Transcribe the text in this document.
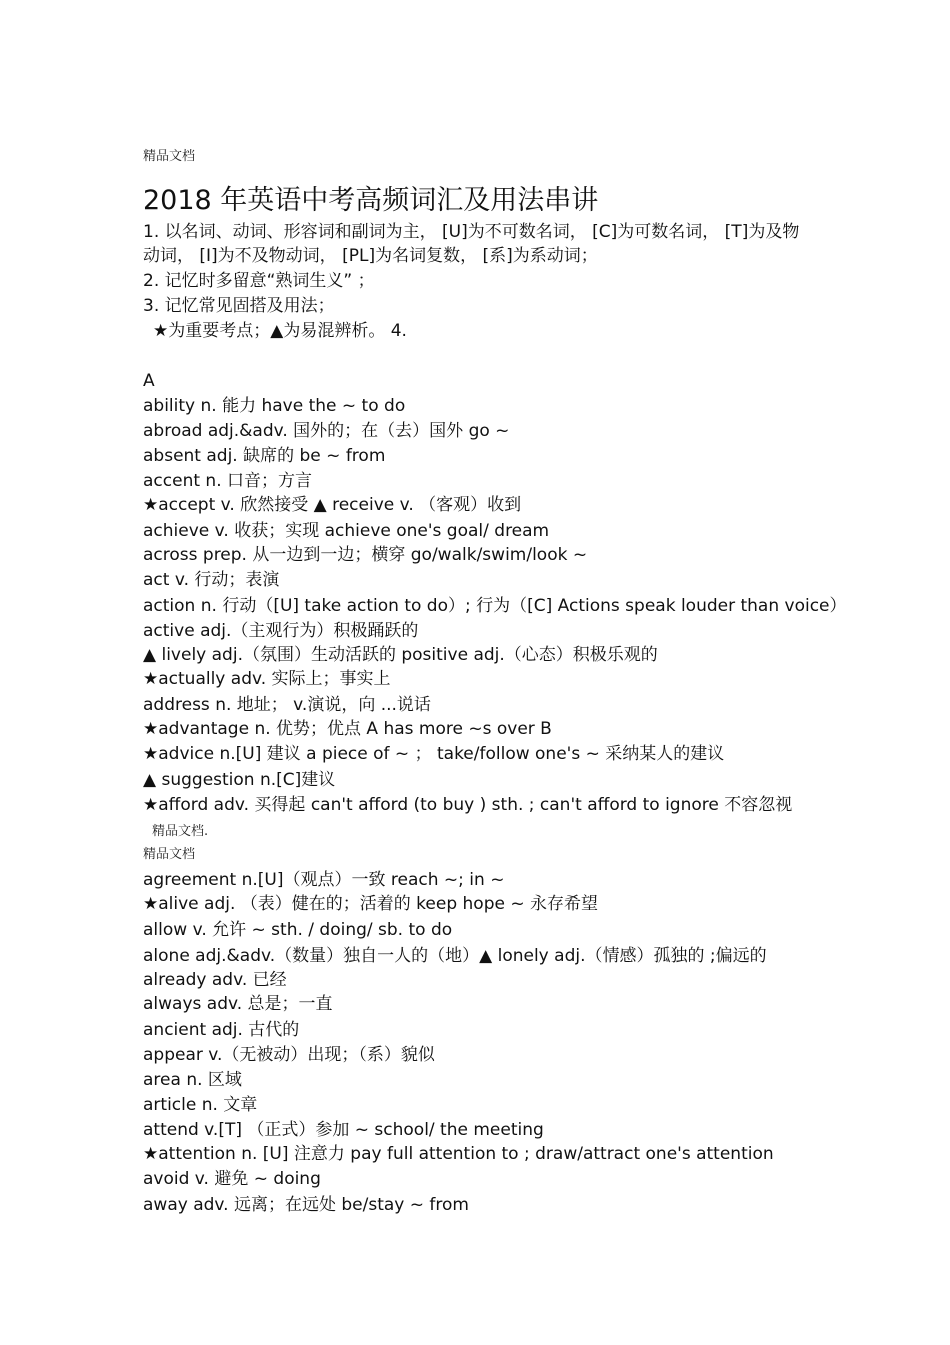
精品文档
2018 年英语中考高频词汇及用法串讲
1. 以名词、动词、形容词和副词为主， [U]为不可数名词， [C]为可数名词， [T]为及物动词， [I]为不及物动词， [PL]为名词复数， [系]为系动词；
2. 记忆时多留意“熟词生义” ；
3. 记忆常见固搭及用法；
★为重要考点；▲为易混辨析。 4.
A
ability n. 能力 have the ~ to do
abroad adj.&adv. 国外的；在（去）国外 go ~
absent adj. 缺席的 be ~ from
accent n. 口音；方言
★accept v. 欣然接受 ▲ receive v. （客观）收到
achieve v. 收获；实现 achieve one's goal/ dream
across prep. 从一边到一边；横穿 go/walk/swim/look ~
act v. 行动；表演
action n. 行动（[U] take action to do）; 行为（[C] Actions speak louder than voice）
active adj.（主观行为）积极踊跃的
▲ lively adj.（氛围）生动活跃的 positive adj.（心态）积极乐观的
★actually adv. 实际上；事实上
address n. 地址； v.演说，向 ...说话
★advantage n. 优势；优点 A has more ~s over B
★advice n.[U] 建议 a piece of ~ ； take/follow one's ~ 采纳某人的建议
▲ suggestion n.[C]建议
★afford adv. 买得起 can't afford (to buy ) sth. ; can't afford to ignore 不容忽视
精品文档.
精品文档
agreement n.[U]（观点）一致 reach ~; in ~
★alive adj. （表）健在的；活着的 keep hope ~ 永存希望
allow v. 允许 ~ sth. / doing/ sb. to do
alone adj.&adv.（数量）独自一人的（地）▲ lonely adj.（情感）孤独的 ;偏远的
already adv. 已经
always adv. 总是；一直
ancient adj. 古代的
appear v.（无被动）出现；（系）貌似
area n. 区域
article n. 文章
attend v.[T] （正式）参加 ~ school/ the meeting
★attention n. [U] 注意力 pay full attention to ; draw/attract one's attention
avoid v. 避免 ~ doing
away adv. 远离；在远处 be/stay ~ from
